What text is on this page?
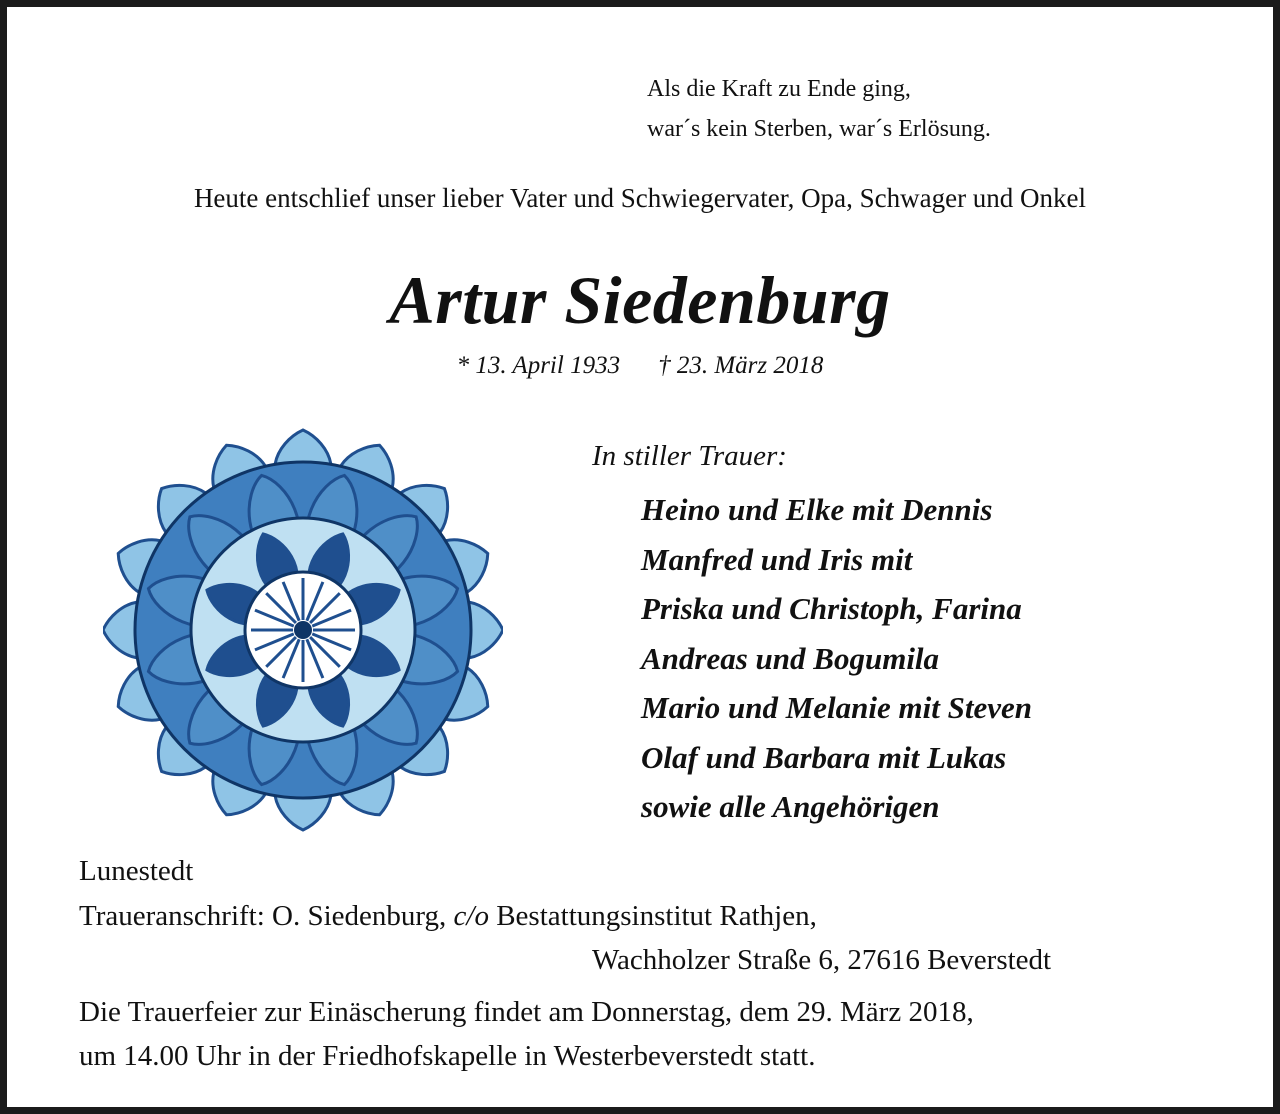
Als die Kraft zu Ende ging,
war´s kein Sterben, war´s Erlösung.
Heute entschlief unser lieber Vater und Schwiegervater, Opa, Schwager und Onkel
Artur Siedenburg
* 13. April 1933 † 23. März 2018
In stiller Trauer:
Heino und Elke mit Dennis
Manfred und Iris mit
Priska und Christoph, Farina
Andreas und Bogumila
Mario und Melanie mit Steven
Olaf und Barbara mit Lukas
sowie alle Angehörigen
Lunestedt
Traueranschrift: O. Siedenburg, c/o Bestattungsinstitut Rathjen,
Wachholzer Straße 6, 27616 Beverstedt
Die Trauerfeier zur Einäscherung findet am Donnerstag, dem 29. März 2018,
um 14.00 Uhr in der Friedhofskapelle in Westerbeverstedt statt.
